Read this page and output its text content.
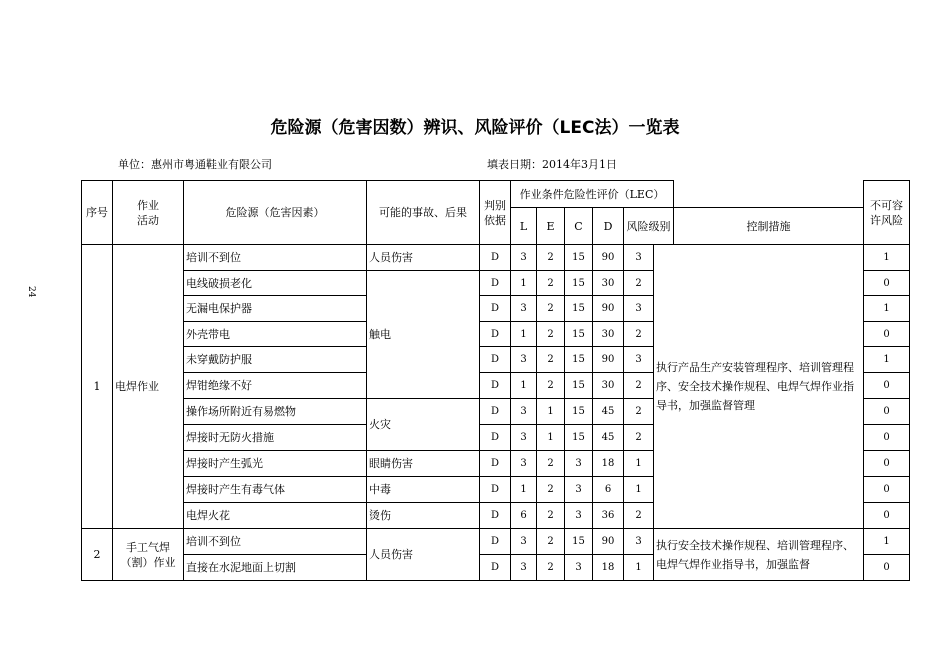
危险源（危害因数）辨识、风险评价（LEC法）一览表
单位：惠州市粤通鞋业有限公司	填表日期：2014年3月1日
24
序号	作业活动	危险源（危害因素）	可能的事故、后果	判别依据	作业条件危险性评价（LEC）							不可容许风险
					L	E	C	D	风险级别		控制措施	
1	电焊作业	培训不到位	人员伤害	D	3	2	15	90	3	执行产品生产安装管理程序、培训管理程序、安全技术操作规程、电焊气焊作业指导书，加强监督管理		1
		电线破损老化	触电	D	1	2	15	30	2			0
		无漏电保护器		D	3	2	15	90	3			1
		外壳带电		D	1	2	15	30	2			0
		未穿戴防护服		D	3	2	15	90	3			1
		焊钳绝缘不好		D	1	2	15	30	2			0
		操作场所附近有易燃物	火灾	D	3	1	15	45	2			0
		焊接时无防火措施		D	3	1	15	45	2			0
		焊接时产生弧光	眼睛伤害	D	3	2	3	18	1			0
		焊接时产生有毒气体	中毒	D	1	2	3	6	1			0
		电焊火花	烫伤	D	6	2	3	36	2			0
2	手工气焊（割）作业	培训不到位	人员伤害	D	3	2	15	90	3	执行安全技术操作规程、培训管理程序、电焊气焊作业指导书，加强监督		1
		直接在水泥地面上切割		D	3	2	3	18	1			0
